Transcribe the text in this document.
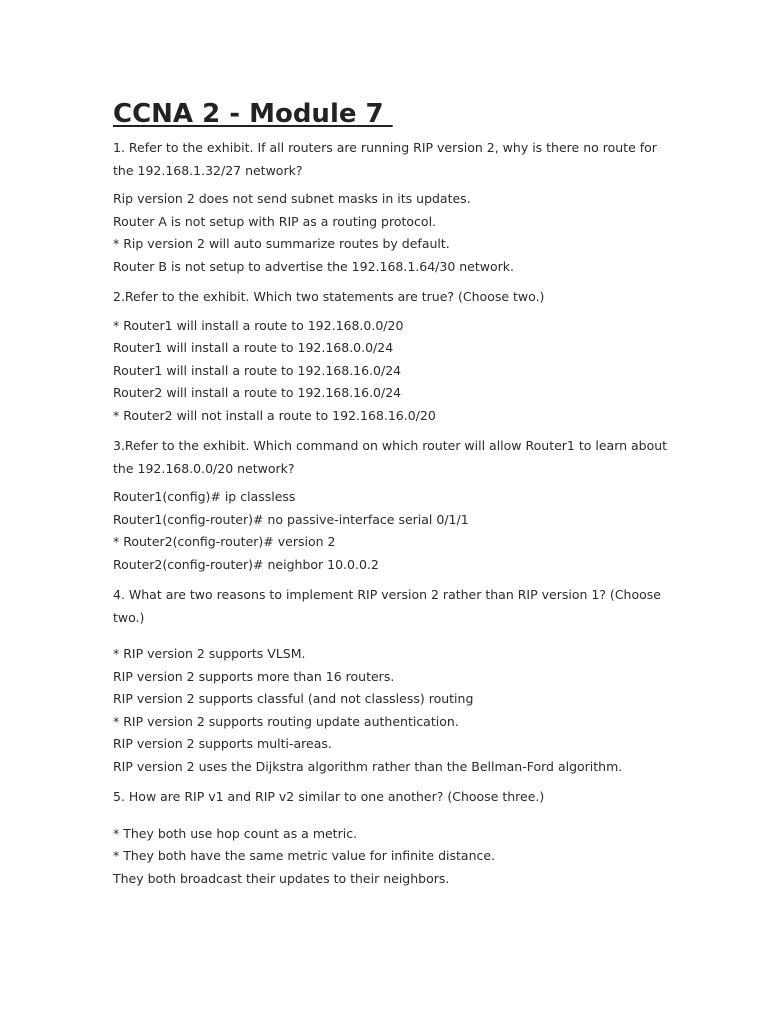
CCNA 2 - Module 7

1. Refer to the exhibit. If all routers are running RIP version 2, why is there no route for the 192.168.1.32/27 network?

Rip version 2 does not send subnet masks in its updates.
Router A is not setup with RIP as a routing protocol.
* Rip version 2 will auto summarize routes by default.
Router B is not setup to advertise the 192.168.1.64/30 network.

2.Refer to the exhibit. Which two statements are true? (Choose two.)

* Router1 will install a route to 192.168.0.0/20
Router1 will install a route to 192.168.0.0/24
Router1 will install a route to 192.168.16.0/24
Router2 will install a route to 192.168.16.0/24
* Router2 will not install a route to 192.168.16.0/20

3.Refer to the exhibit. Which command on which router will allow Router1 to learn about the 192.168.0.0/20 network?

Router1(config)# ip classless
Router1(config-router)# no passive-interface serial 0/1/1
* Router2(config-router)# version 2
Router2(config-router)# neighbor 10.0.0.2

4. What are two reasons to implement RIP version 2 rather than RIP version 1? (Choose two.)

* RIP version 2 supports VLSM.
RIP version 2 supports more than 16 routers.
RIP version 2 supports classful (and not classless) routing
* RIP version 2 supports routing update authentication.
RIP version 2 supports multi-areas.
RIP version 2 uses the Dijkstra algorithm rather than the Bellman-Ford algorithm.

5. How are RIP v1 and RIP v2 similar to one another? (Choose three.)

* They both use hop count as a metric.
* They both have the same metric value for infinite distance.
They both broadcast their updates to their neighbors.
